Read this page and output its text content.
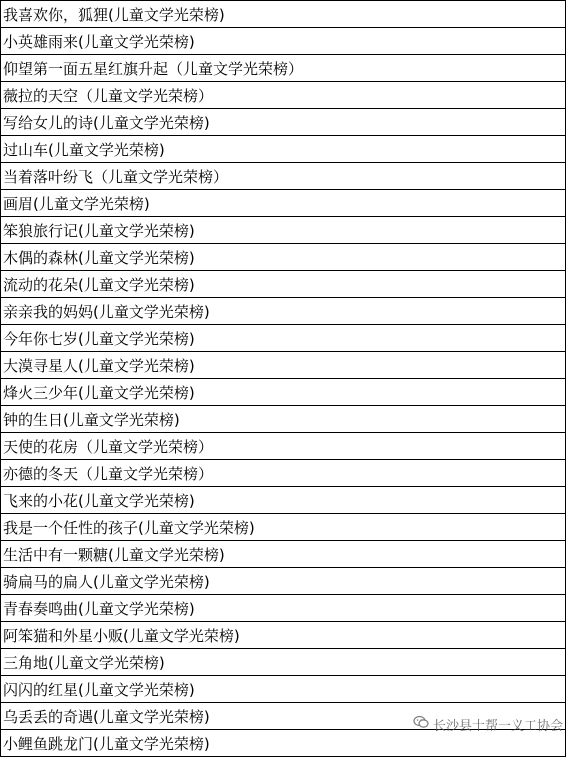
我喜欢你，狐狸(儿童文学光荣榜)
小英雄雨来(儿童文学光荣榜)
仰望第一面五星红旗升起（儿童文学光荣榜）
薇拉的天空（儿童文学光荣榜）
写给女儿的诗(儿童文学光荣榜)
过山车(儿童文学光荣榜)
当着落叶纷飞（儿童文学光荣榜）
画眉(儿童文学光荣榜)
笨狼旅行记(儿童文学光荣榜)
木偶的森林(儿童文学光荣榜)
流动的花朵(儿童文学光荣榜)
亲亲我的妈妈(儿童文学光荣榜)
今年你七岁(儿童文学光荣榜)
大漠寻星人(儿童文学光荣榜)
烽火三少年(儿童文学光荣榜)
钟的生日(儿童文学光荣榜)
天使的花房（儿童文学光荣榜）
亦德的冬天（儿童文学光荣榜）
飞来的小花(儿童文学光荣榜)
我是一个任性的孩子(儿童文学光荣榜)
生活中有一颗糖(儿童文学光荣榜)
骑扁马的扁人(儿童文学光荣榜)
青春奏鸣曲(儿童文学光荣榜)
阿笨猫和外星小贩(儿童文学光荣榜)
三角地(儿童文学光荣榜)
闪闪的红星(儿童文学光荣榜)
乌丢丢的奇遇(儿童文学光荣榜)
小鲤鱼跳龙门(儿童文学光荣榜)
长沙县十帮一义工协会
